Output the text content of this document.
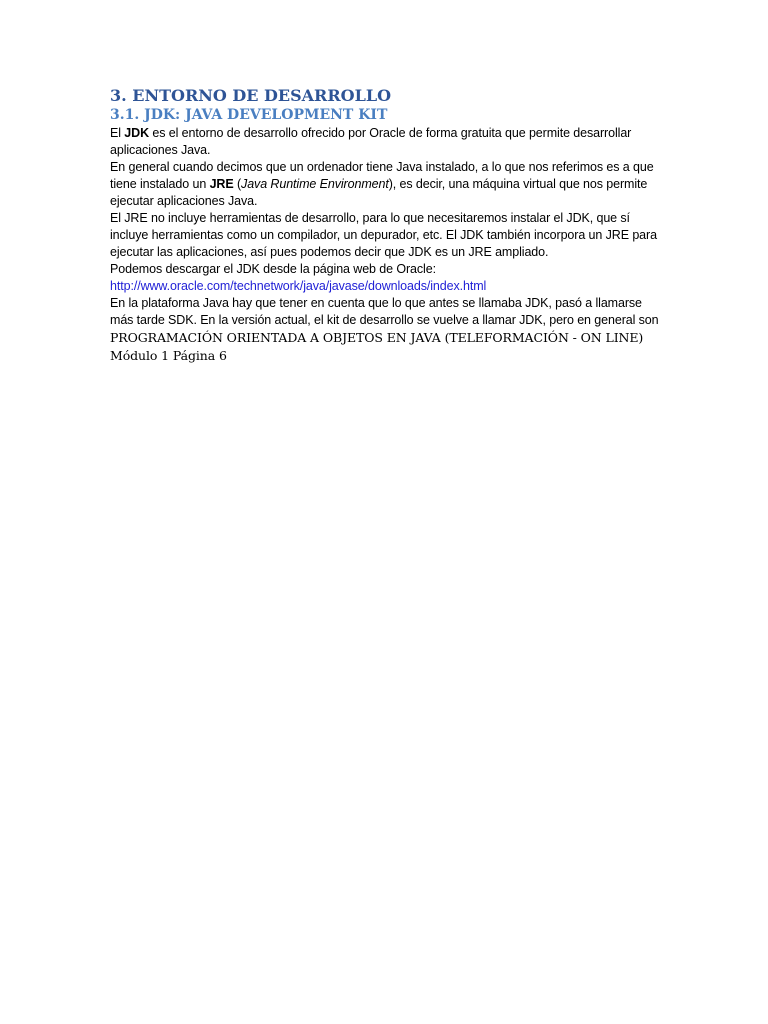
3. ENTORNO DE DESARROLLO
3.1. JDK: JAVA DEVELOPMENT KIT

El JDK es el entorno de desarrollo ofrecido por Oracle de forma gratuita que permite desarrollar aplicaciones Java.

En general cuando decimos que un ordenador tiene Java instalado, a lo que nos referimos es a que tiene instalado un JRE (Java Runtime Environment), es decir, una máquina virtual que nos permite ejecutar aplicaciones Java.

El JRE no incluye herramientas de desarrollo, para lo que necesitaremos instalar el JDK, que sí incluye herramientas como un compilador, un depurador, etc. El JDK también incorpora un JRE para ejecutar las aplicaciones, así pues podemos decir que JDK es un JRE ampliado.

Podemos descargar el JDK desde la página web de Oracle:

http://www.oracle.com/technetwork/java/javase/downloads/index.html

En la plataforma Java hay que tener en cuenta que lo que antes se llamaba JDK, pasó a llamarse más tarde SDK. En la versión actual, el kit de desarrollo se vuelve a llamar JDK, pero en general son PROGRAMACIÓN ORIENTADA A OBJETOS EN JAVA (TELEFORMACIÓN - ON LINE) Módulo 1 Página 6
